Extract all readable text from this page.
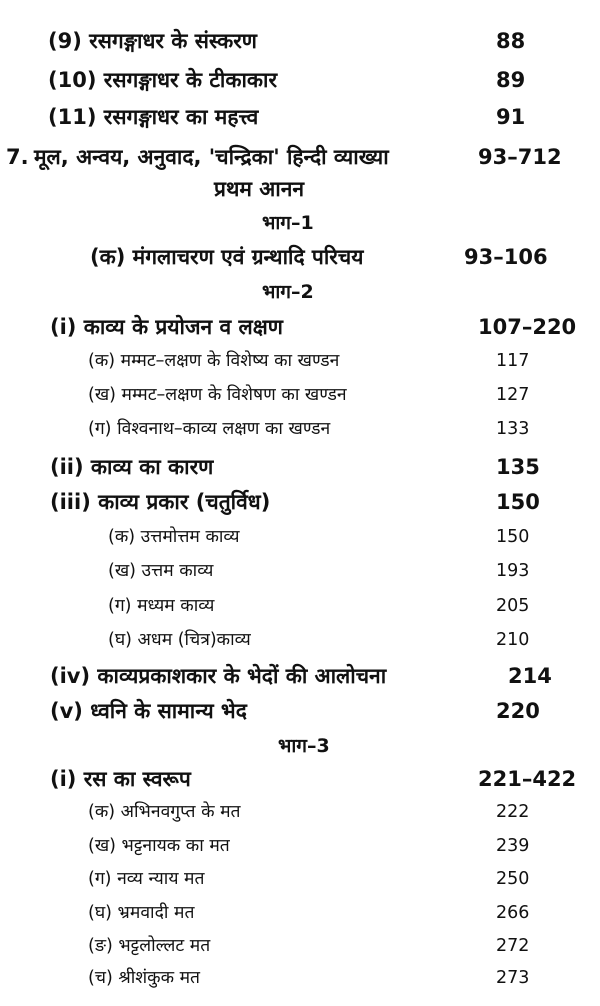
(9) रसगङ्गाधर के संस्करण	88
(10) रसगङ्गाधर के टीकाकार	89
(11) रसगङ्गाधर का महत्त्व	91
7. मूल, अन्वय, अनुवाद, 'चन्द्रिका' हिन्दी व्याख्या	93–712
प्रथम आनन
भाग–1
(क) मंगलाचरण एवं ग्रन्थादि परिचय	93–106
भाग–2
(i) काव्य के प्रयोजन व लक्षण	107–220
(क) मम्मट–लक्षण के विशेष्य का खण्डन	117
(ख) मम्मट–लक्षण के विशेषण का खण्डन	127
(ग) विश्वनाथ–काव्य लक्षण का खण्डन	133
(ii) काव्य का कारण	135
(iii) काव्य प्रकार (चतुर्विध)	150
(क) उत्तमोत्तम काव्य	150
(ख) उत्तम काव्य	193
(ग) मध्यम काव्य	205
(घ) अधम (चित्र)काव्य	210
(iv) काव्यप्रकाशकार के भेदों की आलोचना	214
(v) ध्वनि के सामान्य भेद	220
भाग–3
(i) रस का स्वरूप	221–422
(क) अभिनवगुप्त के मत	222
(ख) भट्टनायक का मत	239
(ग) नव्य न्याय मत	250
(घ) भ्रमवादी मत	266
(ङ) भट्टलोल्लट मत	272
(च) श्रीशंकुक मत	273
